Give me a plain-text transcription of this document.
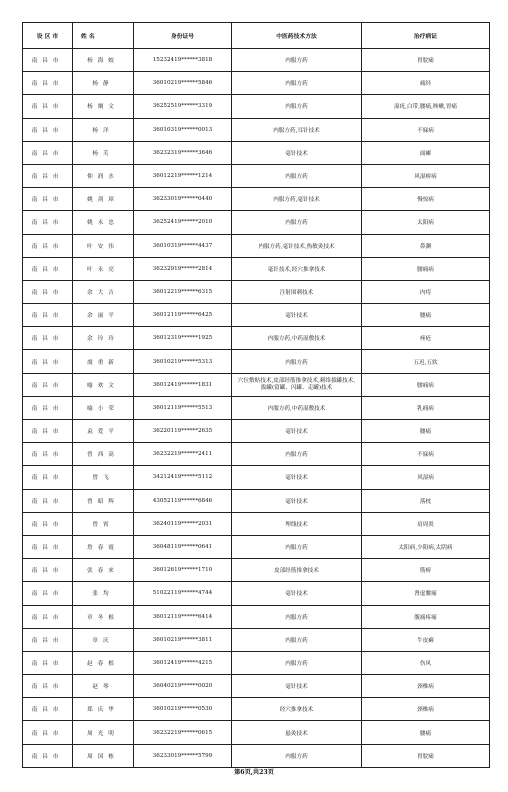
设 区 市	姓 名	身份证号	中医药技术方法	治疗病证
南昌市	杨海蛟	15232419******3818	内服方药	胃脘痛
南昌市	杨静	36010219******5846	内服方药	痛经
南昌市	杨炯文	36252519******3319	内服方药	湿疣,白带,腰痛,咳嗽,胃痛
南昌市	杨洋	36010319******0013	内服方药,耳针技术	不寐病
南昌市	杨芙	36232319******3646	毫针技术	面瘫
南昌市	仰润水	36012219******1214	内服方药	风湿痹病
南昌市	姚剑璋	36233019******0440	内服方药,毫针技术	慢惊病
南昌市	姚永忠	36252419******2010	内服方药	太阳病
南昌市	叶安伟	36010319******4437	内服方药,毫针技术,热敏灸技术	鼻渊
南昌市	叶永亮	36232919******2814	毫针技术,经穴推拿技术	腰痛病
南昌市	余大吉	36012219******6315	注射围刺技术	内痔
南昌市	余丽平	36012119******6425	毫针技术	腰痛
南昌市	余玲玲	36012319******1925	内服方药,中药湿敷技术	痤疮
南昌市	虞重新	36010219******5313	内服方药	五迟,五软
南昌市	喻欢文	36012419******1831	穴位敷贴技术,皮部经筋推拿技术,刺络拔罐技术,拔罐(留罐、闪罐、走罐)技术	腰痛病
南昌市	喻小荣	36012119******5513	内服方药,中药湿敷技术	乳痈病
南昌市	袁爱平	36220119******2635	毫针技术	腰痛
南昌市	曾西高	36232219******2411	内服方药	不寐病
南昌市	曾飞	34212419******5112	毫针技术	风湿病
南昌市	曾昭辉	43052119******6846	毫针技术	落枕
南昌市	曾霄	36240119******2031	埋线技术	肩周炎
南昌市	詹春霞	36048119******0641	内服方药	太阳病,少阳病,太阴病
南昌市	张春来	36012619******1710	皮部经筋推拿技术	筋痹
南昌市	张均	51022119******4744	毫针技术	肾虚腰痛
南昌市	章冬根	36012119******6414	内服方药	腹痛疼痛
南昌市	章庆	36010219******3811	内服方药	牛皮癣
南昌市	赵春根	36012419******4215	内服方药	伤风
南昌市	赵琴	36040219******0020	毫针技术	颈椎病
南昌市	郑庆华	36010219******0530	经穴推拿技术	颈椎病
南昌市	周光明	36232219******0615	悬灸技术	腰痛
南昌市	周国栋	36233019******5799	内服方药	胃脘痛
第6页,共23页
